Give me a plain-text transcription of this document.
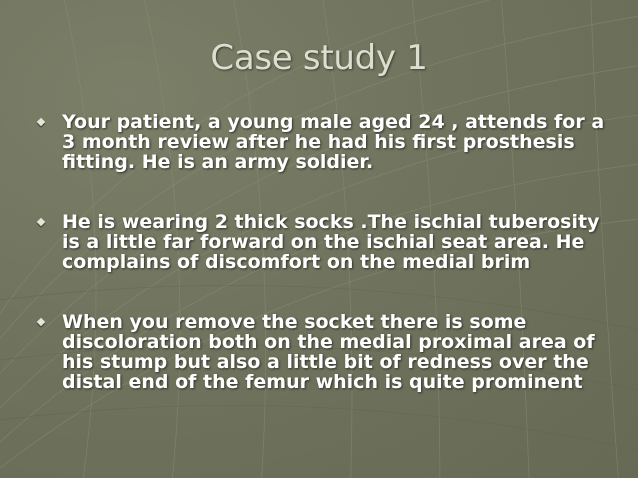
Case study 1
Your patient, a young male aged 24 , attends for a 3 month review after he had his first prosthesis fitting. He is an army soldier.
He is wearing 2 thick socks .The ischial tuberosity is a little far forward on the ischial seat area. He complains of discomfort on the medial brim
When you remove the socket there is some discoloration both on the medial proximal area of his stump but also a little bit of redness over the distal end of the femur which is quite prominent
